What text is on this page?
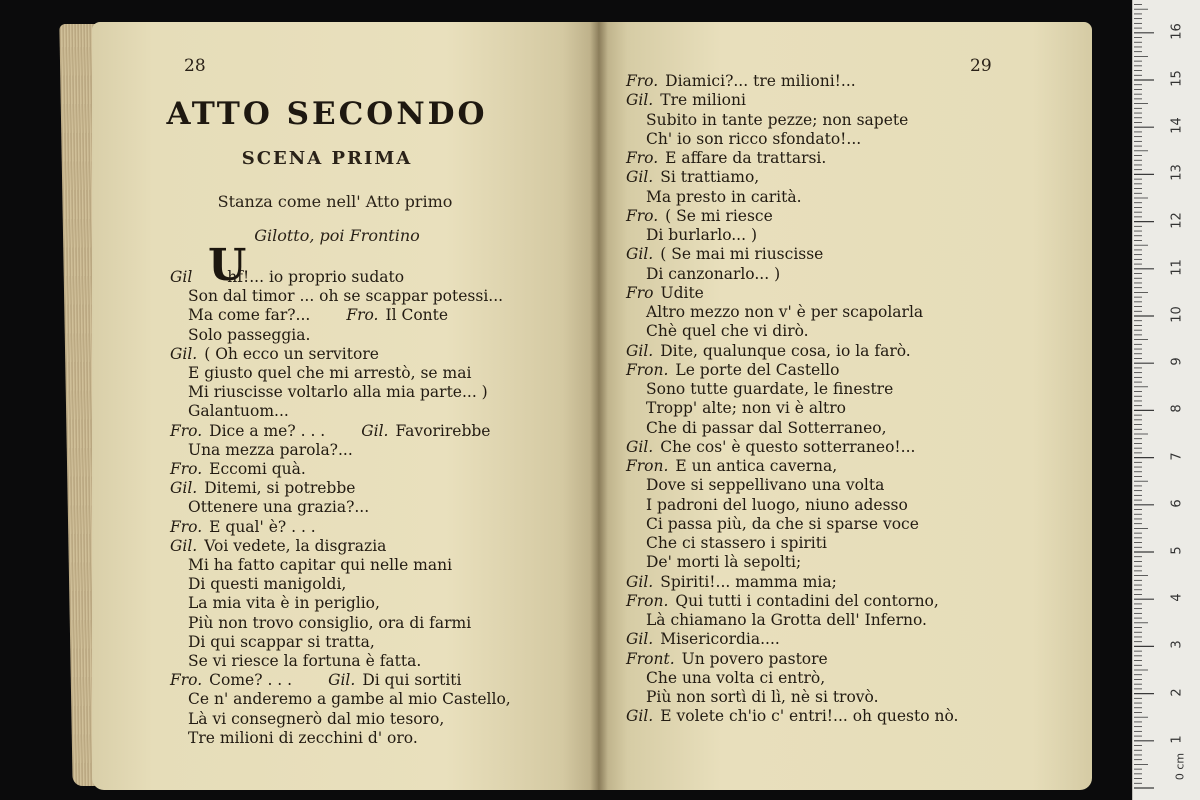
28
ATTO SECONDO
SCENA PRIMA
Stanza come nell' Atto primo
Gilotto, poi Frontino
U
Gil hf!... io proprio sudato
Son dal timor ... oh se scappar potessi...
Ma come far?... Fro. Il Conte
Solo passeggia.
Gil. ( Oh ecco un servitore
E giusto quel che mi arrestò, se mai
Mi riuscisse voltarlo alla mia parte... )
Galantuom...
Fro. Dice a me? . . . Gil. Favorirebbe
Una mezza parola?...
Fro. Eccomi quà.
Gil. Ditemi, si potrebbe
Ottenere una grazia?...
Fro. E qual' è? . . .
Gil. Voi vedete, la disgrazia
Mi ha fatto capitar qui nelle mani
Di questi manigoldi,
La mia vita è in periglio,
Più non trovo consiglio, ora di farmi
Di qui scappar si tratta,
Se vi riesce la fortuna è fatta.
Fro. Come? . . . Gil. Di qui sortiti
Ce n' anderemo a gambe al mio Castello,
Là vi consegnerò dal mio tesoro,
Tre milioni di zecchini d' oro.
29
Fro. Diamici?... tre milioni!...
Gil. Tre milioni
Subito in tante pezze; non sapete
Ch' io son ricco sfondato!...
Fro. E affare da trattarsi.
Gil. Si trattiamo,
Ma presto in carità.
Fro. ( Se mi riesce
Di burlarlo... )
Gil. ( Se mai mi riuscisse
Di canzonarlo... )
Fro Udite
Altro mezzo non v' è per scapolarla
Chè quel che vi dirò.
Gil. Dite, qualunque cosa, io la farò.
Fron. Le porte del Castello
Sono tutte guardate, le finestre
Tropp' alte; non vi è altro
Che di passar dal Sotterraneo,
Gil. Che cos' è questo sotterraneo!...
Fron. E un antica caverna,
Dove si seppellivano una volta
I padroni del luogo, niuno adesso
Ci passa più, da che si sparse voce
Che ci stassero i spiriti
De' morti là sepolti;
Gil. Spiriti!... mamma mia;
Fron. Qui tutti i contadini del contorno,
Là chiamano la Grotta dell' Inferno.
Gil. Misericordia....
Front. Un povero pastore
Che una volta ci entrò,
Più non sortì di lì, nè si trovò.
Gil. E volete ch'io c' entri!... oh questo nò.
0 cm
1
2
3
4
5
6
7
8
9
10
11
12
13
14
15
16
